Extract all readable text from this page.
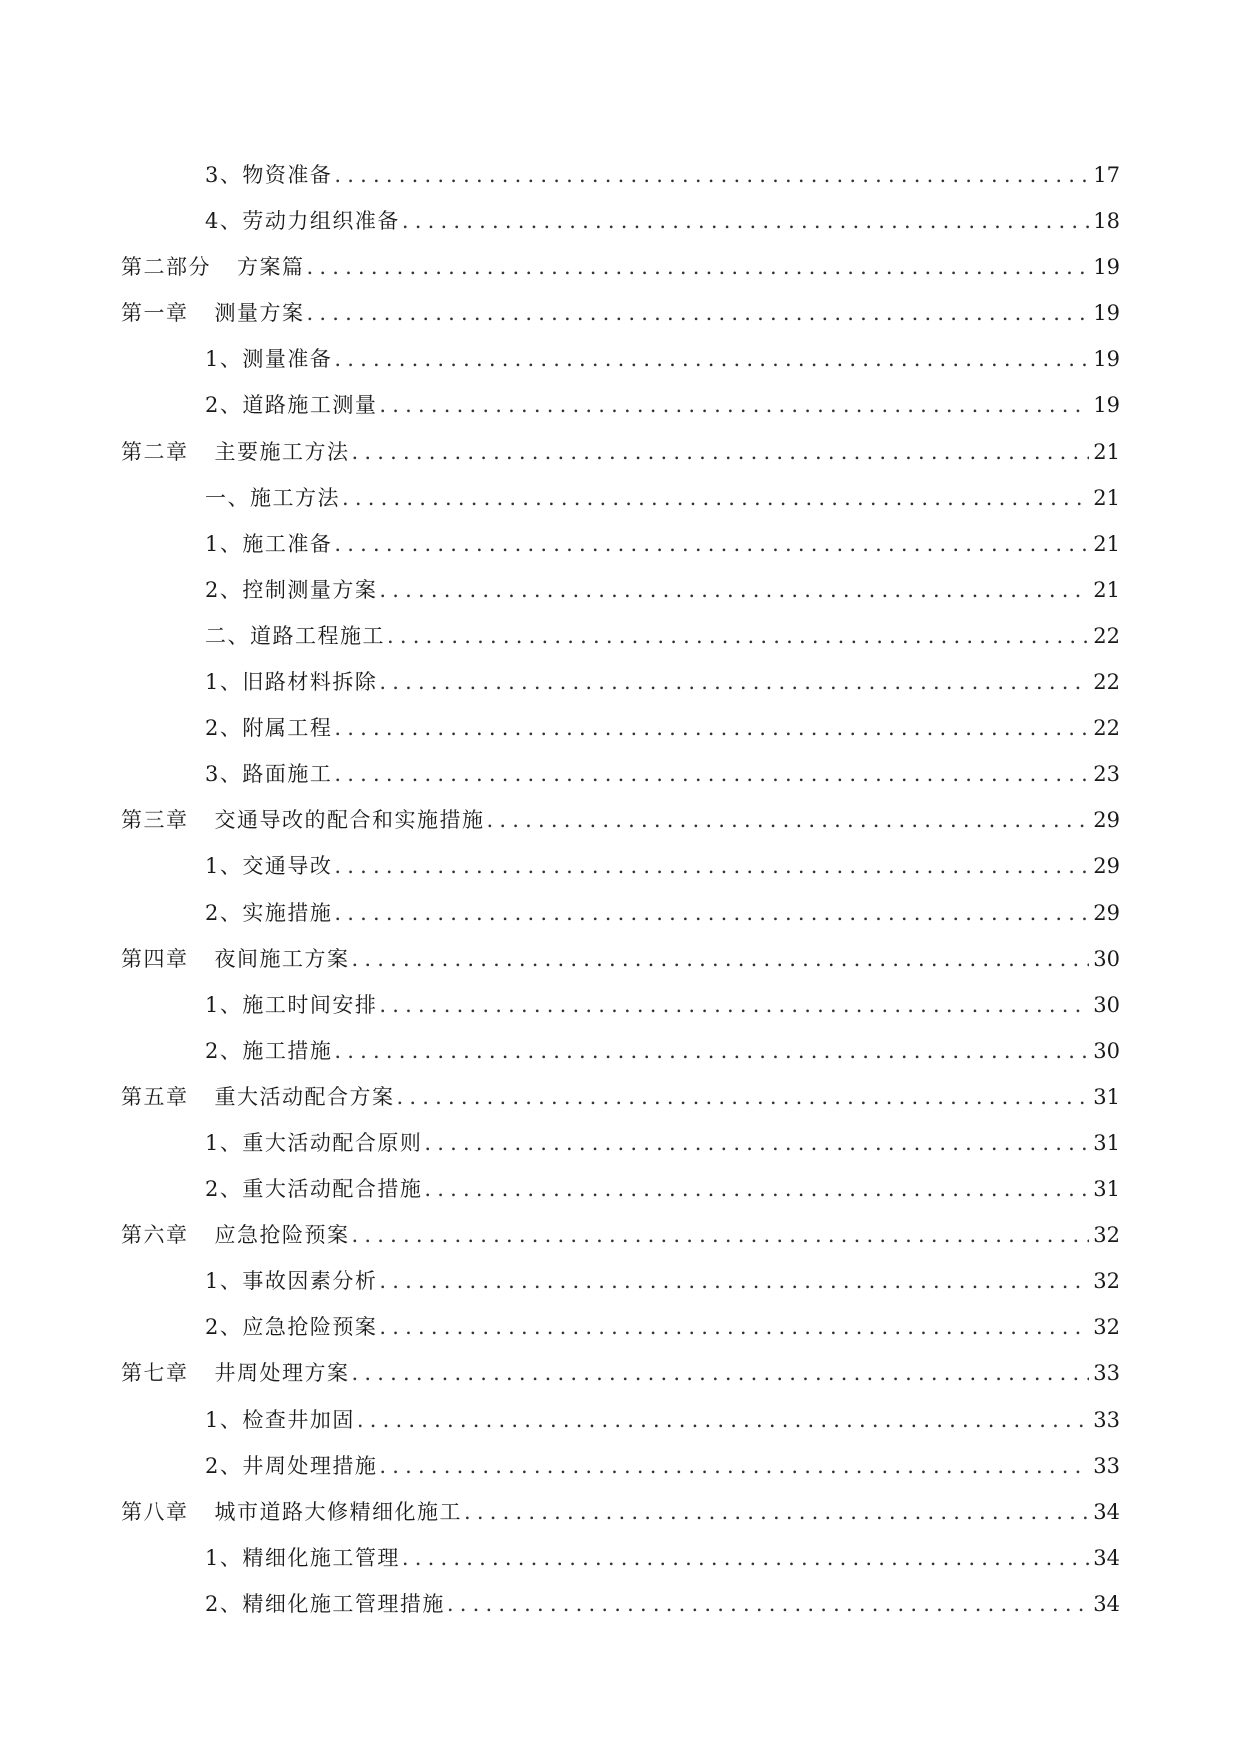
3、物资准备 .....	17
4、劳动力组织准备 .....	18
第二部分 方案篇 .....	19
第一章 测量方案 .....	19
1、测量准备 .....	19
2、道路施工测量 .....	19
第二章 主要施工方法 .....	21
一、施工方法 .....	21
1、施工准备 .....	21
2、控制测量方案 .....	21
二、道路工程施工 .....	22
1、旧路材料拆除 .....	22
2、附属工程 .....	22
3、路面施工 .....	23
第三章 交通导改的配合和实施措施 .....	29
1、交通导改 .....	29
2、实施措施 .....	29
第四章 夜间施工方案 .....	30
1、施工时间安排 .....	30
2、施工措施 .....	30
第五章 重大活动配合方案 .....	31
1、重大活动配合原则 .....	31
2、重大活动配合措施 .....	31
第六章 应急抢险预案 .....	32
1、事故因素分析 .....	32
2、应急抢险预案 .....	32
第七章 井周处理方案 .....	33
1、检查井加固 .....	33
2、井周处理措施 .....	33
第八章 城市道路大修精细化施工 .....	34
1、精细化施工管理 .....	34
2、精细化施工管理措施 .....	34
